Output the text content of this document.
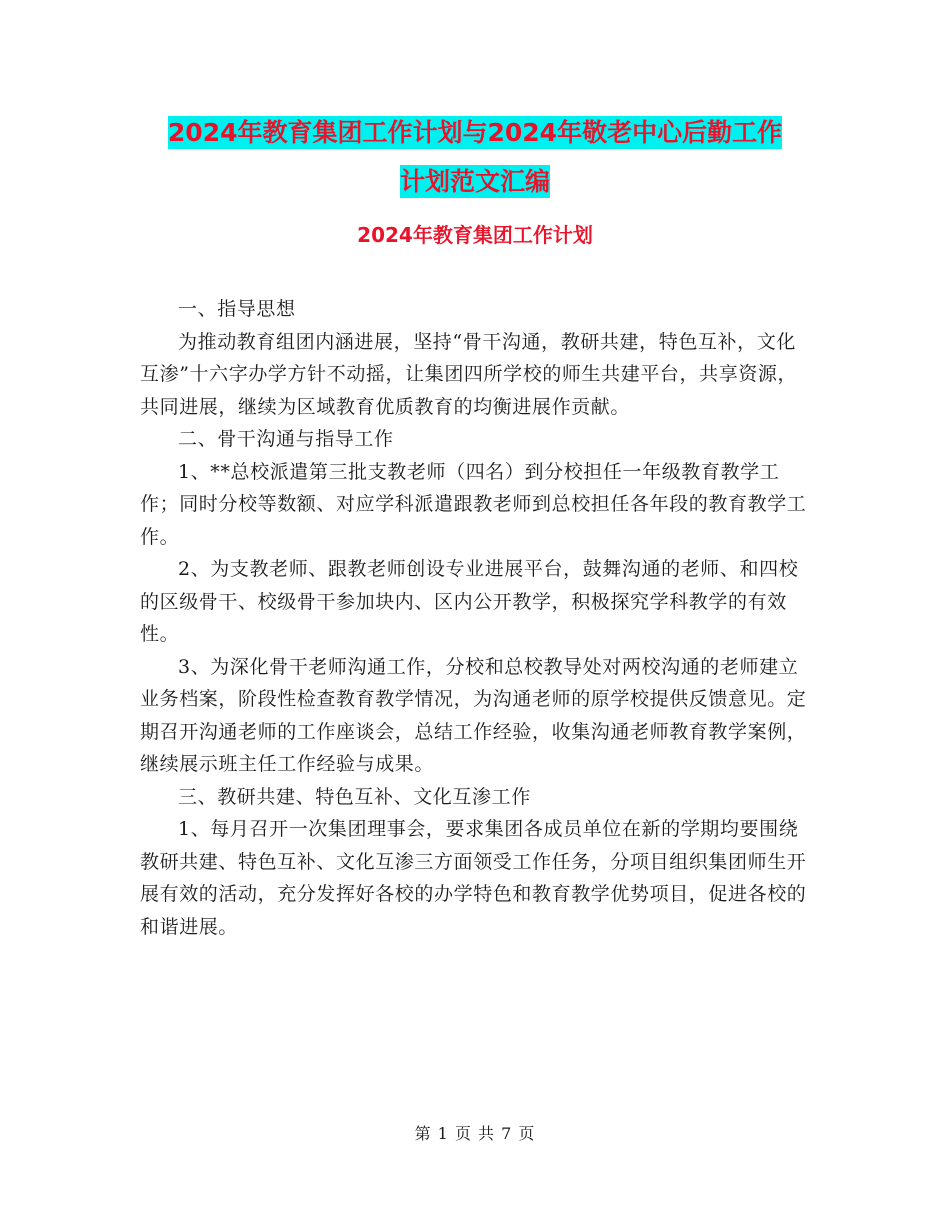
2024年教育集团工作计划与2024年敬老中心后勤工作
计划范文汇编
2024年教育集团工作计划

一、指导思想

为推动教育组团内涵进展，坚持“骨干沟通，教研共建，特色互补，文化互渗”十六字办学方针不动摇，让集团四所学校的师生共建平台，共享资源，共同进展，继续为区域教育优质教育的均衡进展作贡献。

二、骨干沟通与指导工作

1、**总校派遣第三批支教老师（四名）到分校担任一年级教育教学工作；同时分校等数额、对应学科派遣跟教老师到总校担任各年段的教育教学工作。

2、为支教老师、跟教老师创设专业进展平台，鼓舞沟通的老师、和四校的区级骨干、校级骨干参加块内、区内公开教学，积极探究学科教学的有效性。

3、为深化骨干老师沟通工作，分校和总校教导处对两校沟通的老师建立业务档案，阶段性检查教育教学情况，为沟通老师的原学校提供反馈意见。定期召开沟通老师的工作座谈会，总结工作经验，收集沟通老师教育教学案例，继续展示班主任工作经验与成果。

三、教研共建、特色互补、文化互渗工作

1、每月召开一次集团理事会，要求集团各成员单位在新的学期均要围绕教研共建、特色互补、文化互渗三方面领受工作任务，分项目组织集团师生开展有效的活动，充分发挥好各校的办学特色和教育教学优势项目，促进各校的和谐进展。

第 1 页 共 7 页
